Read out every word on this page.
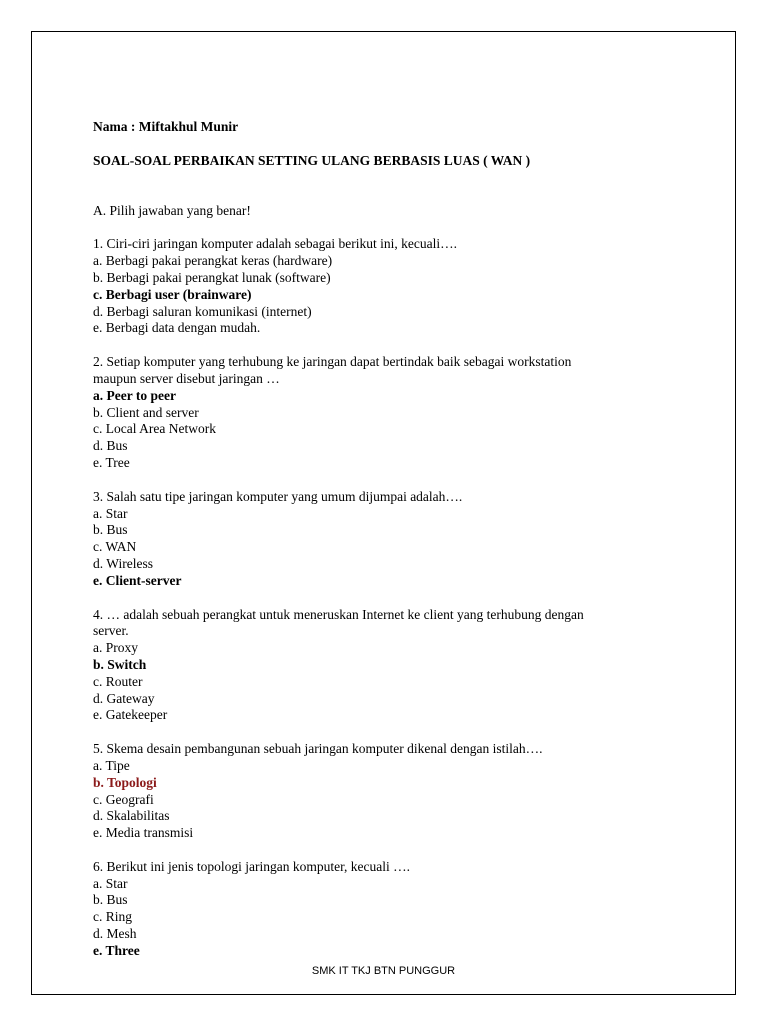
Nama : Miftakhul Munir

SOAL-SOAL PERBAIKAN SETTING ULANG BERBASIS LUAS ( WAN )

A. Pilih jawaban yang benar!

1. Ciri-ciri jaringan komputer adalah sebagai berikut ini, kecuali….

a. Berbagi pakai perangkat keras (hardware)

b. Berbagi pakai perangkat lunak (software)

c. Berbagi user (brainware)

d. Berbagi saluran komunikasi (internet)

e. Berbagi data dengan mudah.

2. Setiap komputer yang terhubung ke jaringan dapat bertindak baik sebagai workstation

maupun server disebut jaringan …

a. Peer to peer

b. Client and server

c. Local Area Network

d. Bus

e. Tree

3. Salah satu tipe jaringan komputer yang umum dijumpai adalah….

a. Star

b. Bus

c. WAN

d. Wireless

e. Client-server

4. … adalah sebuah perangkat untuk meneruskan Internet ke client yang terhubung dengan

server.

a. Proxy

b. Switch

c. Router

d. Gateway

e. Gatekeeper

5. Skema desain pembangunan sebuah jaringan komputer dikenal dengan istilah….

a. Tipe

b. Topologi

c. Geografi

d. Skalabilitas

e. Media transmisi

6. Berikut ini jenis topologi jaringan komputer, kecuali ….

a. Star

b. Bus

c. Ring

d. Mesh

e. Three

SMK IT TKJ BTN PUNGGUR
